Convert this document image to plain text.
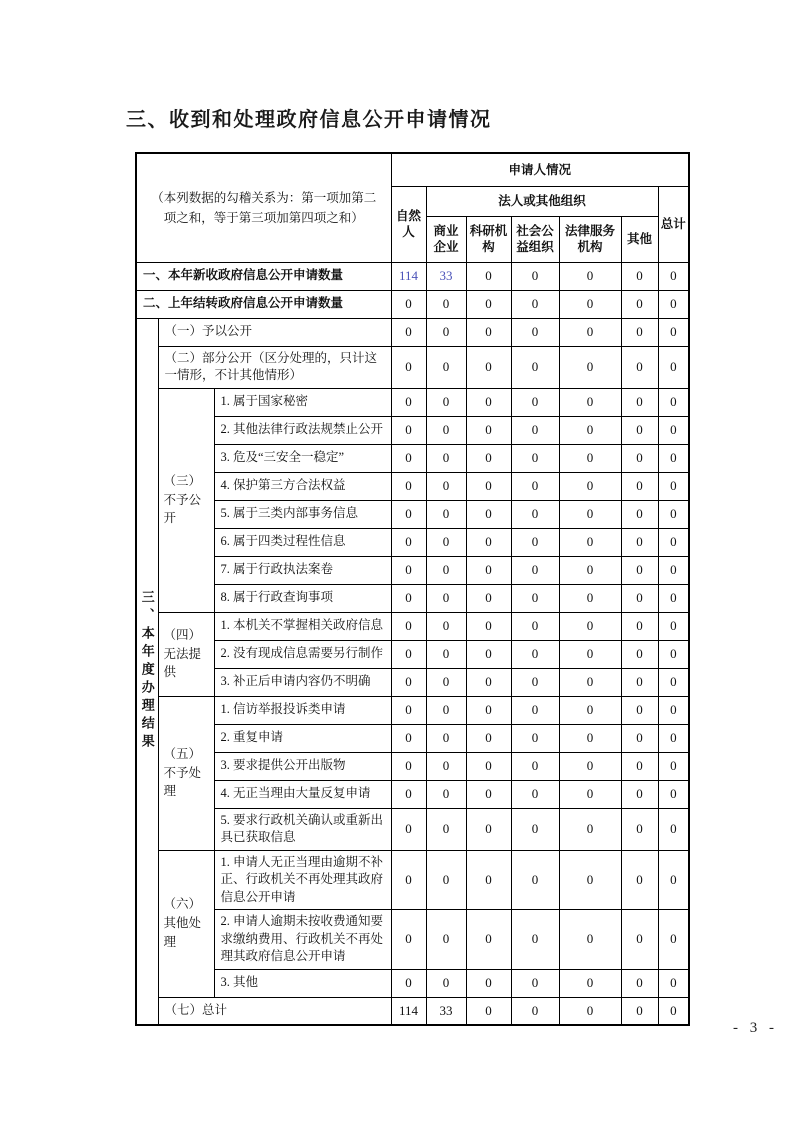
三、收到和处理政府信息公开申请情况
（本列数据的勾稽关系为：第一项加第二项之和，等于第三项加第四项之和）			申请人情况						
			自然人	法人或其他组织					总计
				商业企业	科研机构	社会公益组织	法律服务机构	其他	
一、本年新收政府信息公开申请数量			114	33	0	0	0	0	0
二、上年结转政府信息公开申请数量			0	0	0	0	0	0	0
三、本年度办理结果	（一）予以公开		0	0	0	0	0	0	0
	（二）部分公开（区分处理的，只计这一情形，不计其他情形）		0	0	0	0	0	0	0
	（三）不予公开	1. 属于国家秘密	0	0	0	0	0	0	0
		2. 其他法律行政法规禁止公开	0	0	0	0	0	0	0
		3. 危及“三安全一稳定”	0	0	0	0	0	0	0
		4. 保护第三方合法权益	0	0	0	0	0	0	0
		5. 属于三类内部事务信息	0	0	0	0	0	0	0
		6. 属于四类过程性信息	0	0	0	0	0	0	0
		7. 属于行政执法案卷	0	0	0	0	0	0	0
		8. 属于行政查询事项	0	0	0	0	0	0	0
	（四）无法提供	1. 本机关不掌握相关政府信息	0	0	0	0	0	0	0
		2. 没有现成信息需要另行制作	0	0	0	0	0	0	0
		3. 补正后申请内容仍不明确	0	0	0	0	0	0	0
	（五）不予处理	1. 信访举报投诉类申请	0	0	0	0	0	0	0
		2. 重复申请	0	0	0	0	0	0	0
		3. 要求提供公开出版物	0	0	0	0	0	0	0
		4. 无正当理由大量反复申请	0	0	0	0	0	0	0
		5. 要求行政机关确认或重新出具已获取信息	0	0	0	0	0	0	0
	（六）其他处理	1. 申请人无正当理由逾期不补正、行政机关不再处理其政府信息公开申请	0	0	0	0	0	0	0
		2. 申请人逾期未按收费通知要求缴纳费用、行政机关不再处理其政府信息公开申请	0	0	0	0	0	0	0
		3. 其他	0	0	0	0	0	0	0
	（七）总计		114	33	0	0	0	0	0
- 3 -
